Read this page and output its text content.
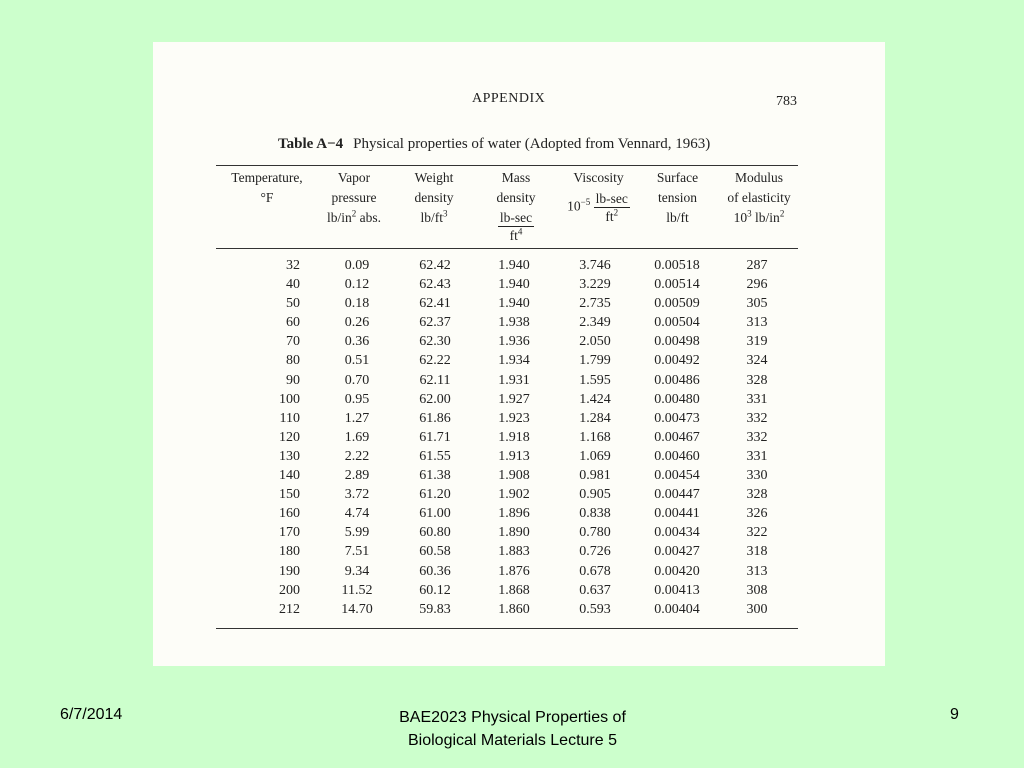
APPENDIX	783
Table A−4 Physical properties of water (Adopted from Vennard, 1963)
Temperature,
°F
Vapor
pressure
$lb/in^2$ abs.
Weight
density
$lb/ft^3$
Mass
density
$\frac{lb-\sec}{ft^4}$
Viscosity
$10^{-5} \frac{lb-\sec}{ft^2}$
Surface
tension
lb/ft
Modulus
of elasticity
$10^3$ $lb/in^2$
32
40
50
60
70
80
90
100
110
120
130
140
150
160
170
180
190
200
212
0.09
0.12
0.18
0.26
0.36
0.51
0.70
0.95
1.27
1.69
2.22
2.89
3.72
4.74
5.99
7.51
9.34
11.52
14.70
62.42
62.43
62.41
62.37
62.30
62.22
62.11
62.00
61.86
61.71
61.55
61.38
61.20
61.00
60.80
60.58
60.36
60.12
59.83
1.940
1.940
1.940
1.938
1.936
1.934
1.931
1.927
1.923
1.918
1.913
1.908
1.902
1.896
1.890
1.883
1.876
1.868
1.860
3.746
3.229
2.735
2.349
2.050
1.799
1.595
1.424
1.284
1.168
1.069
0.981
0.905
0.838
0.780
0.726
0.678
0.637
0.593
0.00518
0.00514
0.00509
0.00504
0.00498
0.00492
0.00486
0.00480
0.00473
0.00467
0.00460
0.00454
0.00447
0.00441
0.00434
0.00427
0.00420
0.00413
0.00404
287
296
305
313
319
324
328
331
332
332
331
330
328
326
322
318
313
308
300
6/7/2014	BAE2023 Physical Properties of
Biological Materials Lecture 5
9
